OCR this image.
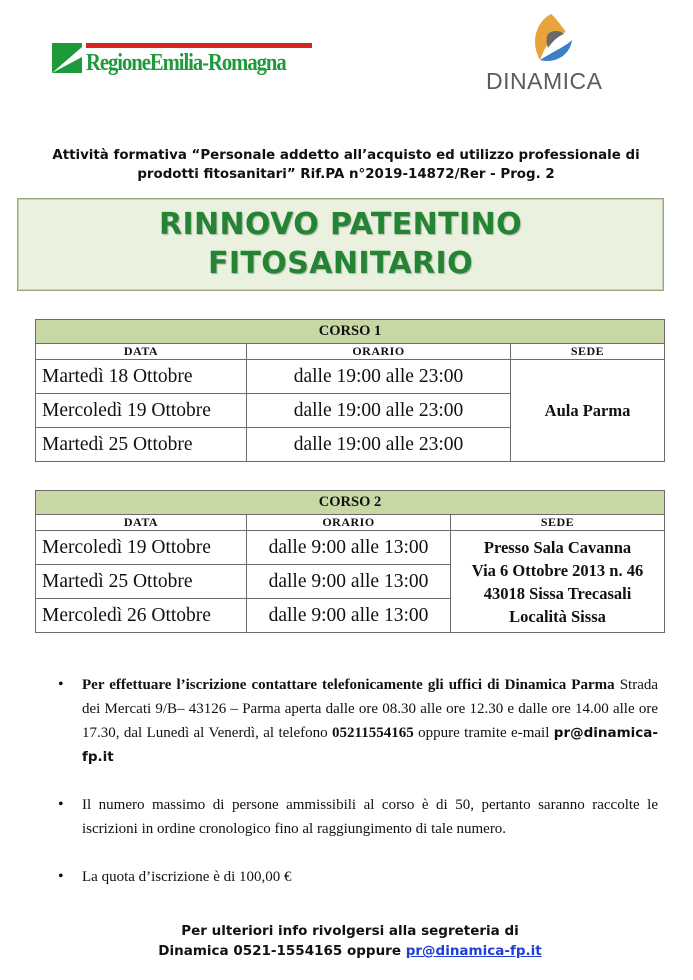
RegioneEmilia-Romagna
DINAMICA
Attività formativa “Personale addetto all’acquisto ed utilizzo professionale di
prodotti fitosanitari” Rif.PA n°2019-14872/Rer - Prog. 2
RINNOVO PATENTINO
FITOSANITARIO
CORSO 1		
DATA	ORARIO	SEDE
Martedì 18 Ottobre	dalle 19:00 alle 23:00	Aula Parma
Mercoledì 19 Ottobre	dalle 19:00 alle 23:00	
Martedì 25 Ottobre	dalle 19:00 alle 23:00	
CORSO 2		
DATA	ORARIO	SEDE
Mercoledì 19 Ottobre	dalle 9:00 alle 13:00	Presso Sala Cavanna
Via 6 Ottobre 2013 n. 46
43018 Sissa Trecasali
Località Sissa

Martedì 25 Ottobre	dalle 9:00 alle 13:00	
Mercoledì 26 Ottobre	dalle 9:00 alle 13:00	
• Per effettuare l’iscrizione contattare telefonicamente gli uffici di Dinamica Parma Strada dei Mercati 9/B– 43126 – Parma aperta dalle ore 08.30 alle ore 12.30 e dalle ore 14.00 alle ore 17.30, dal Lunedì al Venerdì, al telefono 05211554165 oppure tramite e-mail pr@dinamica-fp.it
• Il numero massimo di persone ammissibili al corso è di 50, pertanto saranno raccolte le iscrizioni in ordine cronologico fino al raggiungimento di tale numero.
• La quota d’iscrizione è di 100,00 €
Per ulteriori info rivolgersi alla segreteria di
Dinamica 0521-1554165 oppure pr@dinamica-fp.it
